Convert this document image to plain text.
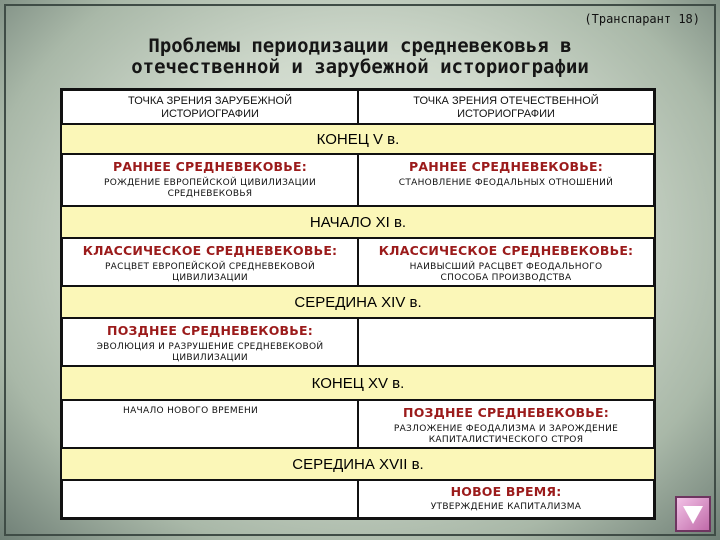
(Транспарант 18)
Проблемы периодизации средневековья в
отечественной и зарубежной историографии
ТОЧКА ЗРЕНИЯ ЗАРУБЕЖНОЙ ИСТОРИОГРАФИИ
ТОЧКА ЗРЕНИЯ ОТЕЧЕСТВЕННОЙ ИСТОРИОГРАФИИ
КОНЕЦ V в.
РАННЕЕ СРЕДНЕВЕКОВЬЕ:
РОЖДЕНИЕ ЕВРОПЕЙСКОЙ ЦИВИЛИЗАЦИИ СРЕДНЕВЕКОВЬЯ
РАННЕЕ СРЕДНЕВЕКОВЬЕ:
СТАНОВЛЕНИЕ ФЕОДАЛЬНЫХ ОТНОШЕНИЙ
НАЧАЛО XI в.
КЛАССИЧЕСКОЕ СРЕДНЕВЕКОВЬЕ:
РАСЦВЕТ ЕВРОПЕЙСКОЙ СРЕДНЕВЕКОВОЙ ЦИВИЛИЗАЦИИ
КЛАССИЧЕСКОЕ СРЕДНЕВЕКОВЬЕ:
НАИВЫСШИЙ РАСЦВЕТ ФЕОДАЛЬНОГО СПОСОБА ПРОИЗВОДСТВА
СЕРЕДИНА XIV в.
ПОЗДНЕЕ СРЕДНЕВЕКОВЬЕ:
ЭВОЛЮЦИЯ И РАЗРУШЕНИЕ СРЕДНЕВЕКОВОЙ ЦИВИЛИЗАЦИИ
КОНЕЦ XV в.
НАЧАЛО НОВОГО ВРЕМЕНИ	ПОЗДНЕЕ СРЕДНЕВЕКОВЬЕ:
РАЗЛОЖЕНИЕ ФЕОДАЛИЗМА И ЗАРОЖДЕНИЕ КАПИТАЛИСТИЧЕСКОГО СТРОЯ
СЕРЕДИНА XVII в.
НОВОЕ ВРЕМЯ:
УТВЕРЖДЕНИЕ КАПИТАЛИЗМА
